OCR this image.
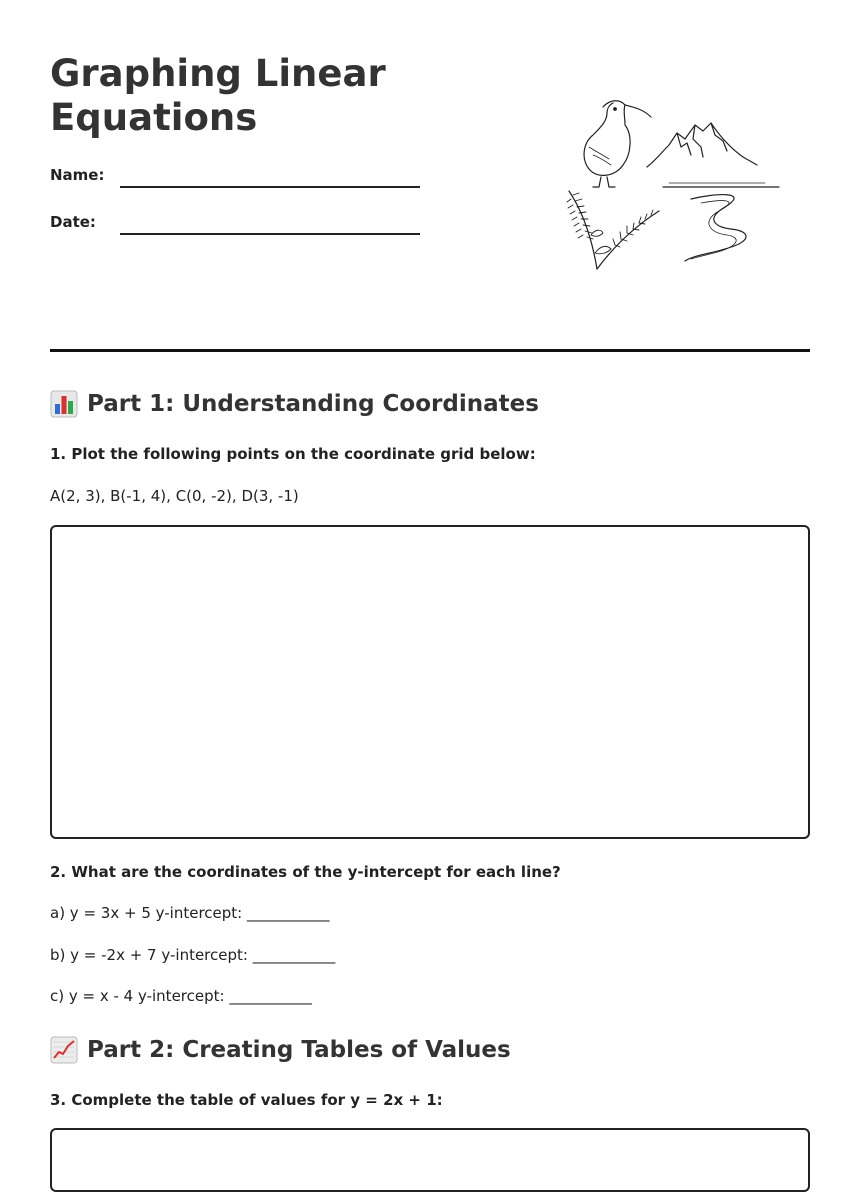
Graphing Linear Equations
Name:
Date:
Part 1: Understanding Coordinates
1. Plot the following points on the coordinate grid below:
A(2, 3), B(-1, 4), C(0, -2), D(3, -1)
2. What are the coordinates of the y-intercept for each line?
a) y = 3x + 5 y-intercept: ___________
b) y = -2x + 7 y-intercept: ___________
c) y = x - 4 y-intercept: ___________
Part 2: Creating Tables of Values
3. Complete the table of values for y = 2x + 1:
